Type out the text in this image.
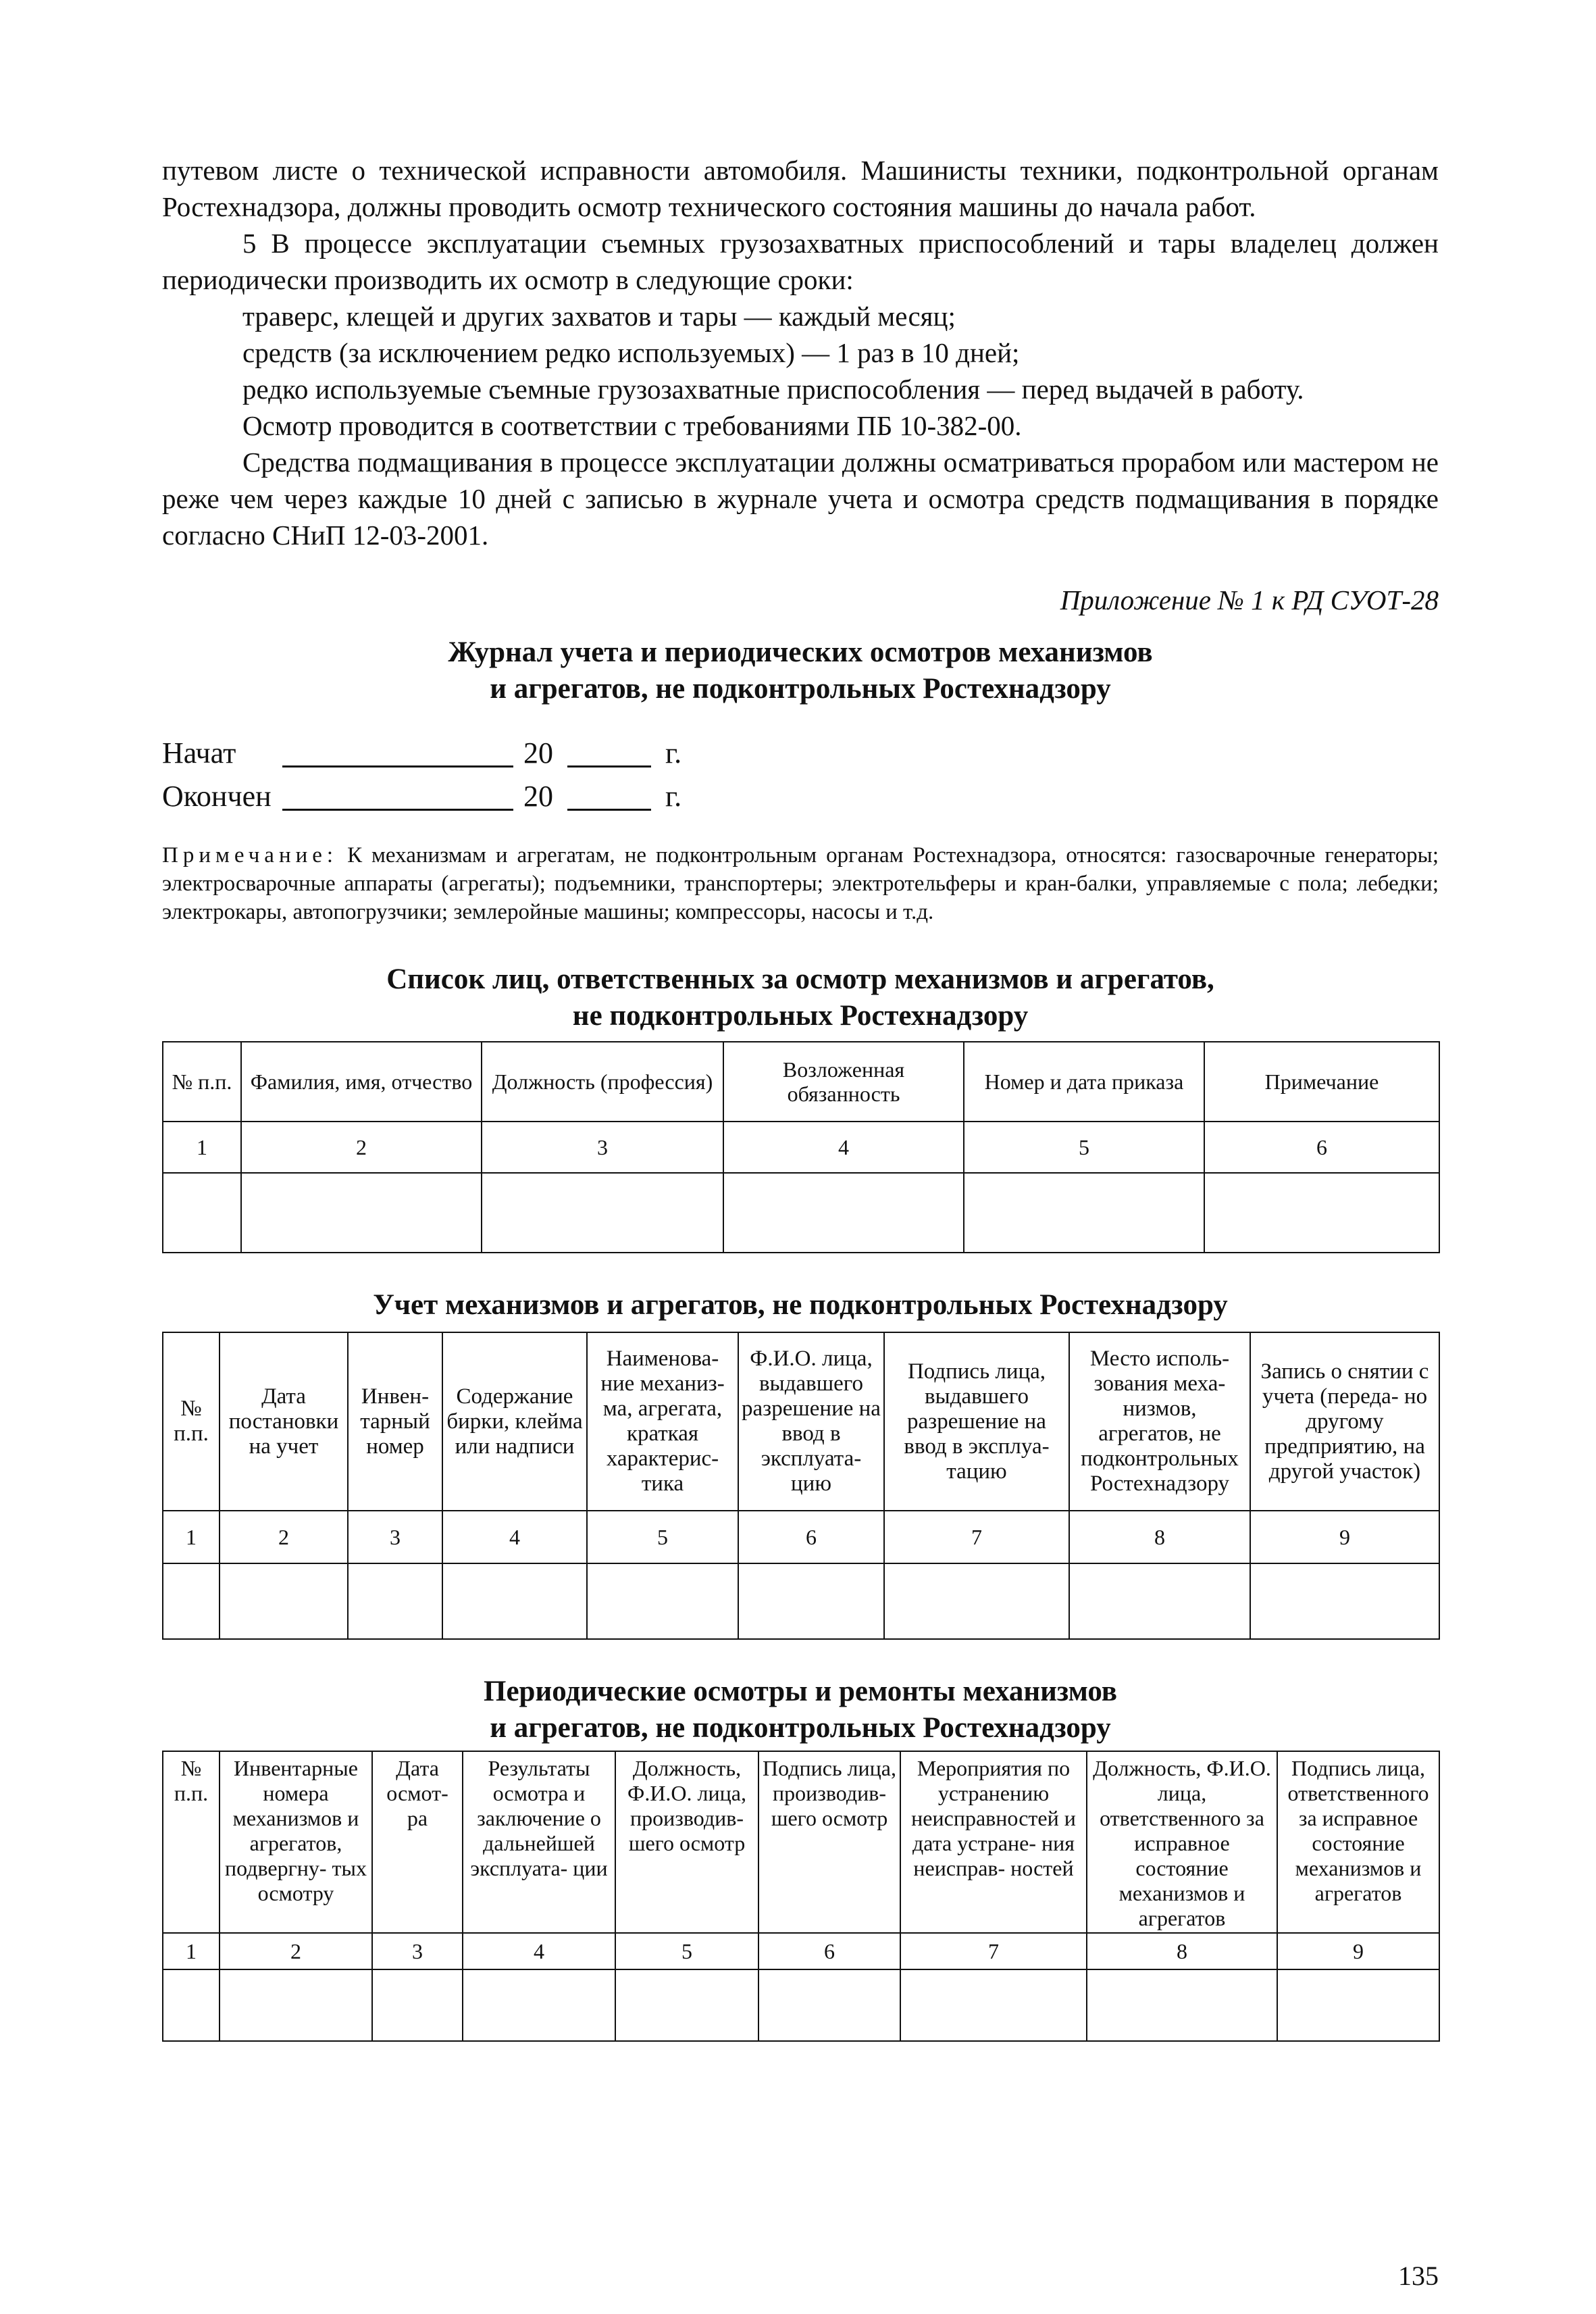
путевом листе о технической исправности автомобиля. Машинисты техники, подконтрольной органам Ростехнадзора, должны проводить осмотр технического состояния машины до начала работ.

5 В процессе эксплуатации съемных грузозахватных приспособлений и тары владелец должен периодически производить их осмотр в следующие сроки:

траверс, клещей и других захватов и тары — каждый месяц;

средств (за исключением редко используемых) — 1 раз в 10 дней;

редко используемые съемные грузозахватные приспособления — перед выдачей в работу.

Осмотр проводится в соответствии с требованиями ПБ 10-382-00.

Средства подмащивания в процессе эксплуатации должны осматриваться прорабом или мастером не реже чем через каждые 10 дней с записью в журнале учета и осмотра средств подмащивания в порядке согласно СНиП 12-03-2001.

Приложение № 1 к РД СУОТ-28

Журнал учета и периодических осмотров механизмов

и агрегатов, не подконтрольных Ростехнадзору

Начат	20	г.
Окончен	20	г.
Примечание: К механизмам и агрегатам, не подконтрольным органам Ростехнадзора, относятся: газосварочные генераторы; электросварочные аппараты (агрегаты); подъемники, транспортеры; электротельферы и кран-балки, управляемые с пола; лебедки; электрокары, автопогрузчики; землеройные машины; компрессоры, насосы и т.д.

Список лиц, ответственных за осмотр механизмов и агрегатов,

не подконтрольных Ростехнадзору

№ п.п.	Фамилия, имя, отчество	Должность (профессия)	Возложенная обязанность	Номер и дата приказа	Примечание
1	2	3	4	5	6

Учет механизмов и агрегатов, не подконтрольных Ростехнадзору

№ п.п.	Дата постановки на учет	Инвен- тарный номер	Содержание бирки, клейма или надписи	Наименова- ние механиз- ма, агрегата, краткая характерис- тика	Ф.И.О. лица, выдавшего разрешение на ввод в эксплуата- цию	Подпись лица, выдавшего разрешение на ввод в эксплуа- тацию	Место исполь- зования меха- низмов, агрегатов, не подконтрольных Ростехнадзору	Запись о снятии с учета (переда- но другому предприятию, на другой участок)
1	2	3	4	5	6	7	8	9

Периодические осмотры и ремонты механизмов

и агрегатов, не подконтрольных Ростехнадзору

№ п.п.	Инвентарные номера механизмов и агрегатов, подвергну- тых осмотру	Дата осмот- ра	Результаты осмотра и заключение о дальнейшей эксплуата- ции	Должность, Ф.И.О. лица, производив- шего осмотр	Подпись лица, производив- шего осмотр	Мероприятия по устранению неисправностей и дата устране- ния неисправ- ностей	Должность, Ф.И.О. лица, ответственного за исправное состояние механизмов и агрегатов	Подпись лица, ответственного за исправное состояние механизмов и агрегатов
1	2	3	4	5	6	7	8	9

135
